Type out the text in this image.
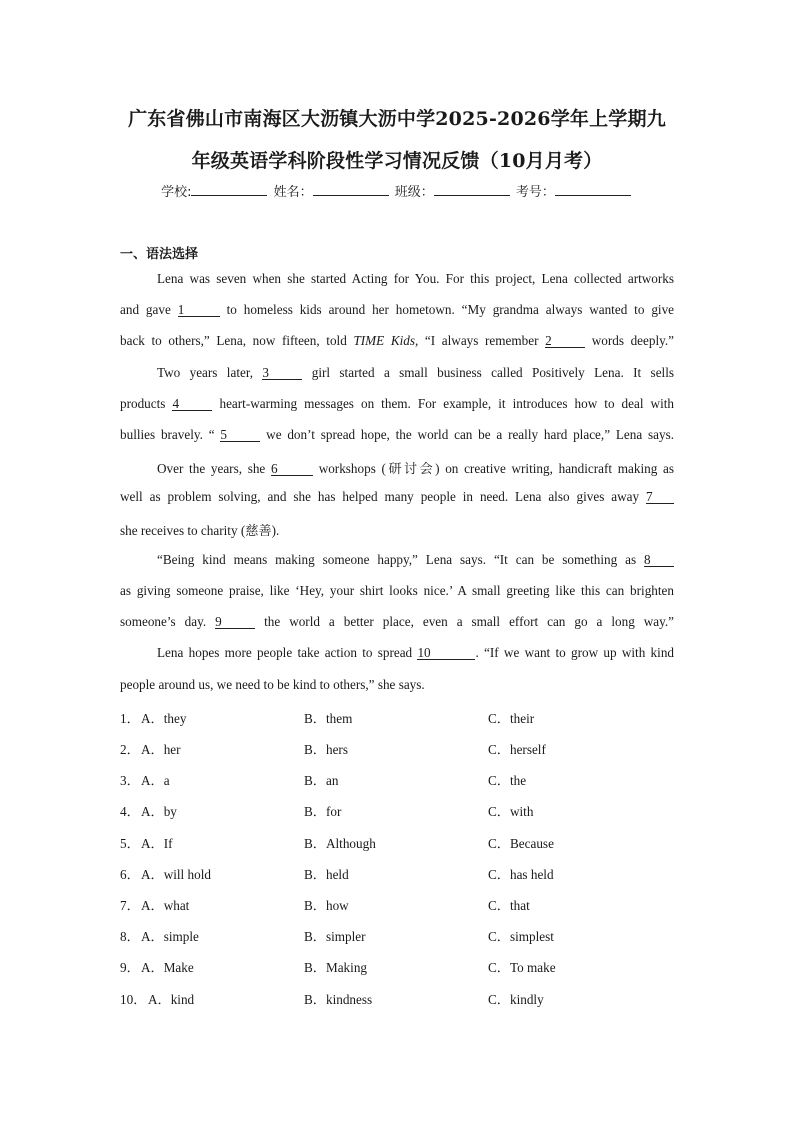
广东省佛山市南海区大沥镇大沥中学2025-2026学年上学期九
年级英语学科阶段性学习情况反馈（10月月考）
学校:	姓名：	班级：	考号：
一、语法选择
Lena was seven when she started Acting for You. For this project, Lena collected artworks
and gave 1	to homeless kids around her hometown. “My grandma always wanted to give
back to others,” Lena, now fifteen, told TIME Kids, “I always remember 2	words deeply.”
Two years later, 3	girl started a small business called Positively Lena. It sells
products 4	heart-warming messages on them. For example, it introduces how to deal with
bullies bravely. “ 5	we don’t spread hope, the world can be a really hard place,” Lena says.
Over the years, she 6	workshops (研讨会) on creative writing, handicraft making as
well as problem solving, and she has helped many people in need. Lena also gives away 7
she receives to charity (慈善).
“Being kind means making someone happy,” Lena says. “It can be something as 8
as giving someone praise, like ‘Hey, your shirt looks nice.’ A small greeting like this can brighten
someone’s day. 9	the world a better place, even a small effort can go a long way.”
Lena hopes more people take action to spread 10	. “If we want to grow up with kind
people around us, we need to be kind to others,” she says.
1． A．they	B．them	C．their
2． A．her	B．hers	C．herself
3． A．a	B．an	C．the
4． A．by	B．for	C．with
5． A．If	B．Although	C．Because
6． A．will hold	B．held	C．has held
7． A．what	B．how	C．that
8． A．simple	B．simpler	C．simplest
9． A．Make	B．Making	C．To make
10． A．kind	B．kindness	C．kindly
